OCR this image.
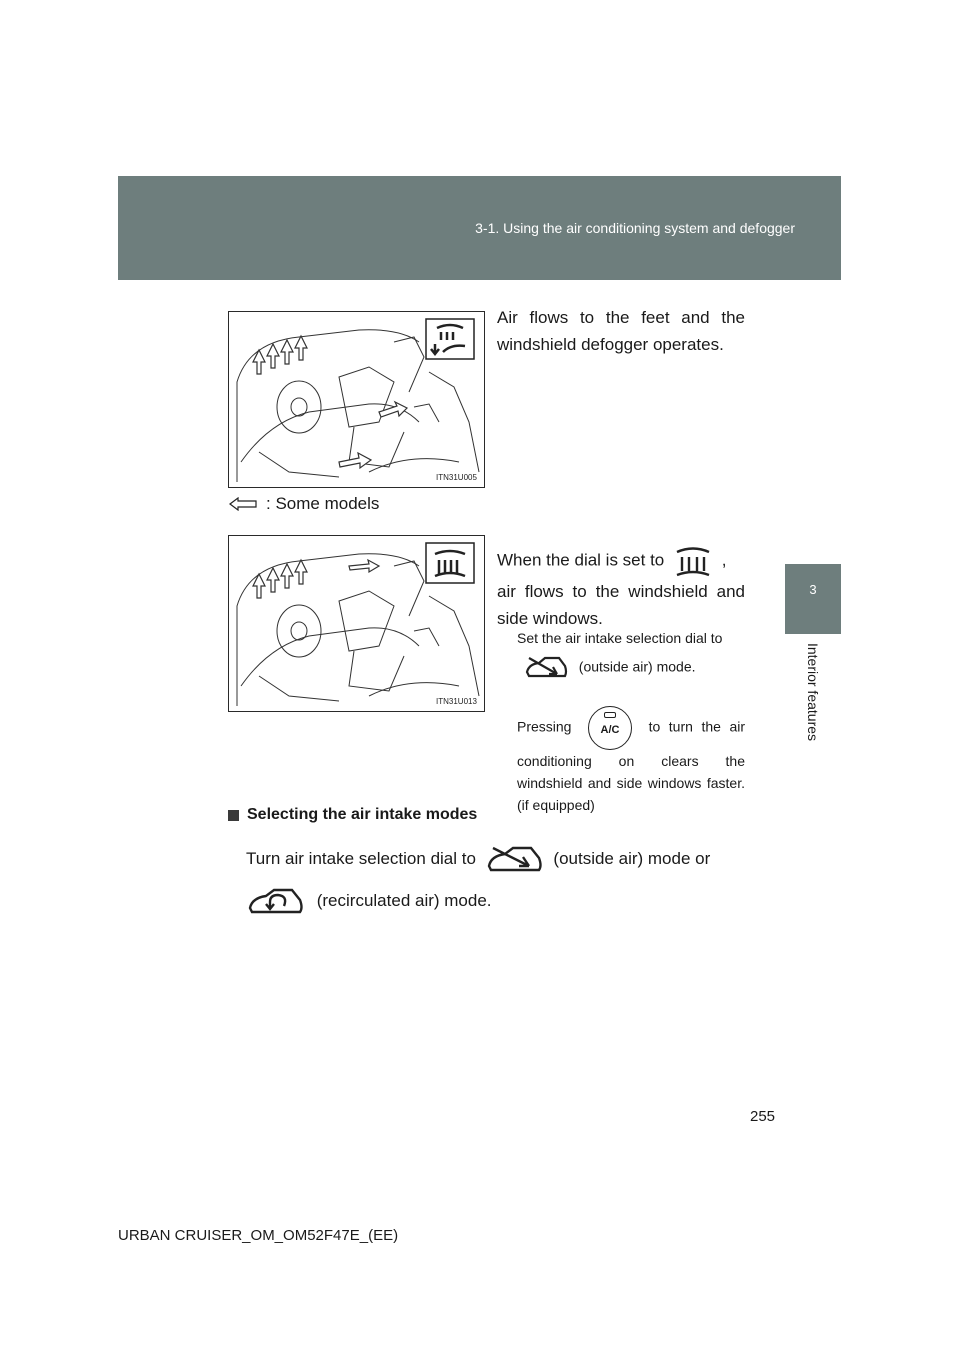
3-1. Using the air conditioning system and defogger
3
Interior features
ITN31U005
Air flows to the feet and the windshield defogger operates.
: Some models
ITN31U013
When the dial is set to	,
air flows to the windshield and side windows.
Set the air intake selection dial to
(outside air) mode.
Pressing	A/C to turn the air conditioning on clears the windshield and side windows faster. (if equipped)
Selecting the air intake modes
Turn air intake selection dial to	(outside air) mode or
(recirculated air) mode.
255
URBAN CRUISER_OM_OM52F47E_(EE)
